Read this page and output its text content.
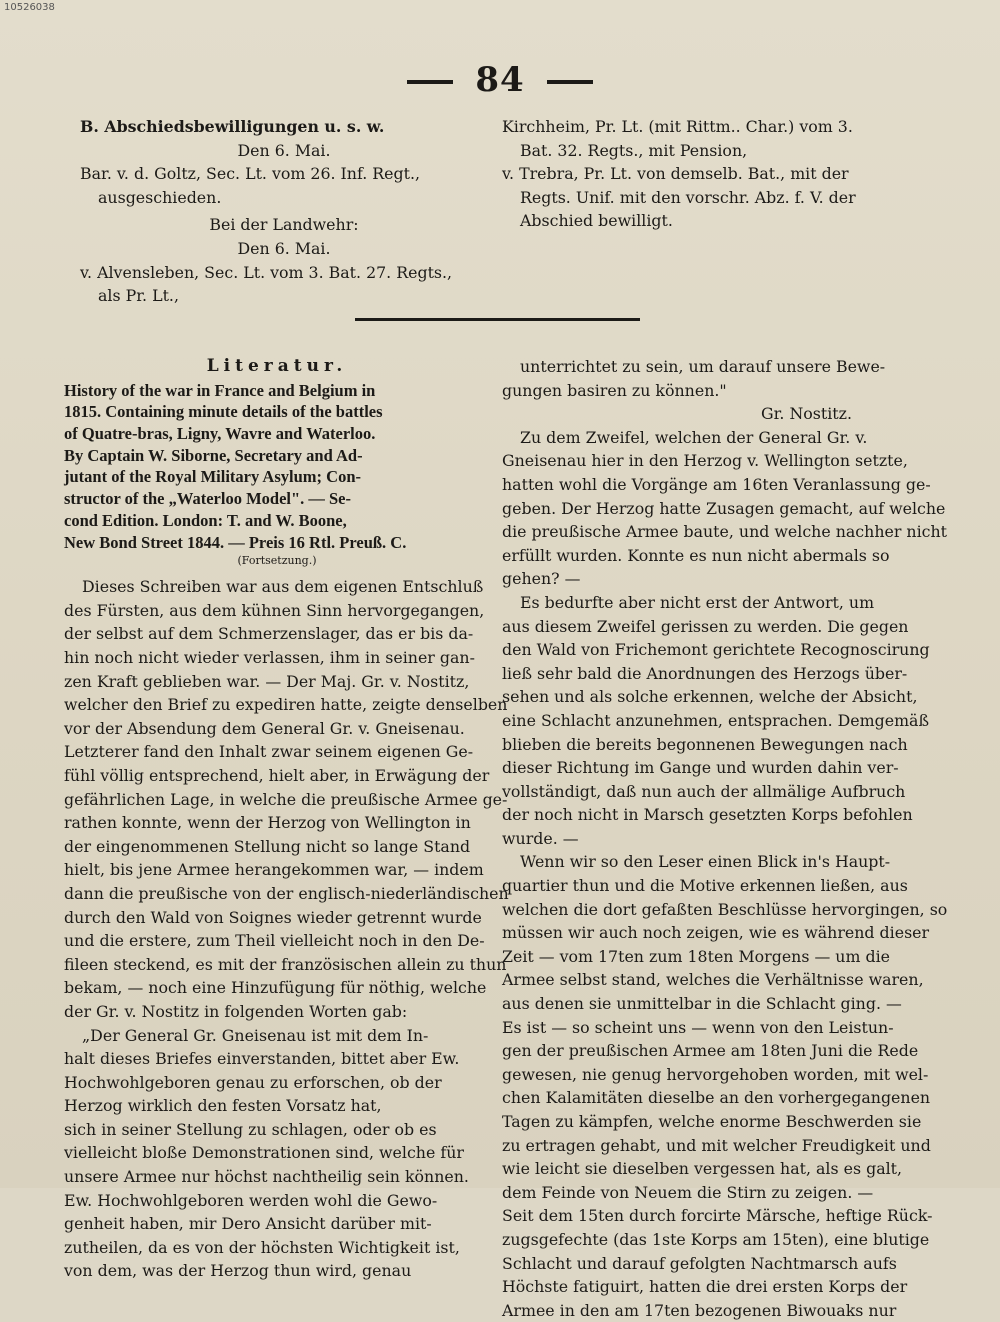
10526038
84
B. Abschiedsbewilligungen u. s. w.
Den 6. Mai.
Bar. v. d. Goltz, Sec. Lt. vom 26. Inf. Regt.,
ausgeschieden.
Bei der Landwehr:
Den 6. Mai.
v. Alvensleben, Sec. Lt. vom 3. Bat. 27. Regts.,
als Pr. Lt.,
Kirchheim, Pr. Lt. (mit Rittm.. Char.) vom 3.
Bat. 32. Regts., mit Pension,
v. Trebra, Pr. Lt. von demselb. Bat., mit der
Regts. Unif. mit den vorschr. Abz. f. V. der
Abschied bewilligt.
Literatur.
History of the war in France and Belgium in
1815. Containing minute details of the battles
of Quatre-bras, Ligny, Wavre and Waterloo.
By Captain W. Siborne, Secretary and Ad-
jutant of the Royal Military Asylum; Con-
structor of the „Waterloo Model". — Se-
cond Edition. London: T. and W. Boone,
New Bond Street 1844. — Preis 16 Rtl. Preuß. C.
(Fortsetzung.)
Dieses Schreiben war aus dem eigenen Entschluß
des Fürsten, aus dem kühnen Sinn hervorgegangen,
der selbst auf dem Schmerzenslager, das er bis da-
hin noch nicht wieder verlassen, ihm in seiner gan-
zen Kraft geblieben war. — Der Maj. Gr. v. Nostitz,
welcher den Brief zu expediren hatte, zeigte denselben
vor der Absendung dem General Gr. v. Gneisenau.
Letzterer fand den Inhalt zwar seinem eigenen Ge-
fühl völlig entsprechend, hielt aber, in Erwägung der
gefährlichen Lage, in welche die preußische Armee ge-
rathen konnte, wenn der Herzog von Wellington in
der eingenommenen Stellung nicht so lange Stand
hielt, bis jene Armee herangekommen war, — indem
dann die preußische von der englisch-niederländischen
durch den Wald von Soignes wieder getrennt wurde
und die erstere, zum Theil vielleicht noch in den De-
fileen steckend, es mit der französischen allein zu thun
bekam, — noch eine Hinzufügung für nöthig, welche
der Gr. v. Nostitz in folgenden Worten gab:
„Der General Gr. Gneisenau ist mit dem In-
halt dieses Briefes einverstanden, bittet aber Ew.
Hochwohlgeboren genau zu erforschen, ob der
Herzog wirklich den festen Vorsatz hat,
sich in seiner Stellung zu schlagen, oder ob es
vielleicht bloße Demonstrationen sind, welche für
unsere Armee nur höchst nachtheilig sein können.
Ew. Hochwohlgeboren werden wohl die Gewo-
genheit haben, mir Dero Ansicht darüber mit-
zutheilen, da es von der höchsten Wichtigkeit ist,
von dem, was der Herzog thun wird, genau
unterrichtet zu sein, um darauf unsere Bewe-
gungen basiren zu können."
Gr. Nostitz.
Zu dem Zweifel, welchen der General Gr. v.
Gneisenau hier in den Herzog v. Wellington setzte,
hatten wohl die Vorgänge am 16ten Veranlassung ge-
geben. Der Herzog hatte Zusagen gemacht, auf welche
die preußische Armee baute, und welche nachher nicht
erfüllt wurden. Konnte es nun nicht abermals so
gehen? —
Es bedurfte aber nicht erst der Antwort, um
aus diesem Zweifel gerissen zu werden. Die gegen
den Wald von Frichemont gerichtete Recognoscirung
ließ sehr bald die Anordnungen des Herzogs über-
sehen und als solche erkennen, welche der Absicht,
eine Schlacht anzunehmen, entsprachen. Demgemäß
blieben die bereits begonnenen Bewegungen nach
dieser Richtung im Gange und wurden dahin ver-
vollständigt, daß nun auch der allmälige Aufbruch
der noch nicht in Marsch gesetzten Korps befohlen
wurde. —
Wenn wir so den Leser einen Blick in's Haupt-
quartier thun und die Motive erkennen ließen, aus
welchen die dort gefaßten Beschlüsse hervorgingen, so
müssen wir auch noch zeigen, wie es während dieser
Zeit — vom 17ten zum 18ten Morgens — um die
Armee selbst stand, welches die Verhältnisse waren,
aus denen sie unmittelbar in die Schlacht ging. —
Es ist — so scheint uns — wenn von den Leistun-
gen der preußischen Armee am 18ten Juni die Rede
gewesen, nie genug hervorgehoben worden, mit wel-
chen Kalamitäten dieselbe an den vorhergegangenen
Tagen zu kämpfen, welche enorme Beschwerden sie
zu ertragen gehabt, und mit welcher Freudigkeit und
wie leicht sie dieselben vergessen hat, als es galt,
dem Feinde von Neuem die Stirn zu zeigen. —
Seit dem 15ten durch forcirte Märsche, heftige Rück-
zugsgefechte (das 1ste Korps am 15ten), eine blutige
Schlacht und darauf gefolgten Nachtmarsch aufs
Höchste fatiguirt, hatten die drei ersten Korps der
Armee in den am 17ten bezogenen Biwouaks nur
